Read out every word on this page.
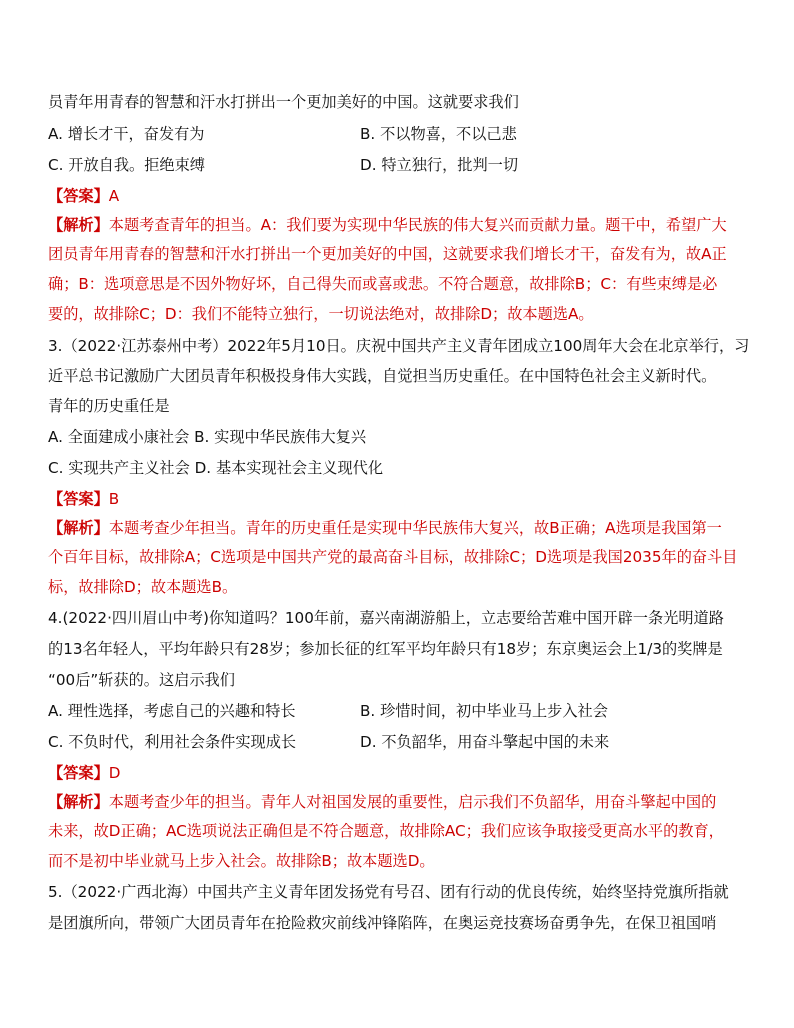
员青年用青春的智慧和汗水打拼出一个更加美好的中国。这就要求我们
A. 增长才干，奋发有为	B. 不以物喜，不以己悲
C. 开放自我。拒绝束缚	D. 特立独行，批判一切
【答案】A
【解析】本题考查青年的担当。A：我们要为实现中华民族的伟大复兴而贡献力量。题干中，希望广大
团员青年用青春的智慧和汗水打拼出一个更加美好的中国，这就要求我们增长才干，奋发有为，故A正
确；B：选项意思是不因外物好坏，自己得失而或喜或悲。不符合题意，故排除B；C：有些束缚是必
要的，故排除C；D：我们不能特立独行，一切说法绝对，故排除D；故本题选A。
3.（2022·江苏泰州中考）2022年5月10日。庆祝中国共产主义青年团成立100周年大会在北京举行，习
近平总书记激励广大团员青年积极投身伟大实践，自觉担当历史重任。在中国特色社会主义新时代。
青年的历史重任是
A. 全面建成小康社会 B. 实现中华民族伟大复兴
C. 实现共产主义社会 D. 基本实现社会主义现代化
【答案】B
【解析】本题考查少年担当。青年的历史重任是实现中华民族伟大复兴，故B正确；A选项是我国第一
个百年目标，故排除A；C选项是中国共产党的最高奋斗目标，故排除C；D选项是我国2035年的奋斗目
标，故排除D；故本题选B。
4.(2022·四川眉山中考)你知道吗？100年前，嘉兴南湖游船上，立志要给苦难中国开辟一条光明道路
的13名年轻人，平均年龄只有28岁；参加长征的红军平均年龄只有18岁；东京奥运会上1/3的奖牌是
“00后”斩获的。这启示我们
A. 理性选择，考虑自己的兴趣和特长	B. 珍惜时间，初中毕业马上步入社会
C. 不负时代，利用社会条件实现成长	D. 不负韶华，用奋斗擎起中国的未来
【答案】D
【解析】本题考查少年的担当。青年人对祖国发展的重要性，启示我们不负韶华，用奋斗擎起中国的
未来，故D正确；AC选项说法正确但是不符合题意，故排除AC；我们应该争取接受更高水平的教育，
而不是初中毕业就马上步入社会。故排除B；故本题选D。
5.（2022·广西北海）中国共产主义青年团发扬党有号召、团有行动的优良传统，始终坚持党旗所指就
是团旗所向，带领广大团员青年在抢险救灾前线冲锋陷阵，在奥运竞技赛场奋勇争先，在保卫祖国哨
